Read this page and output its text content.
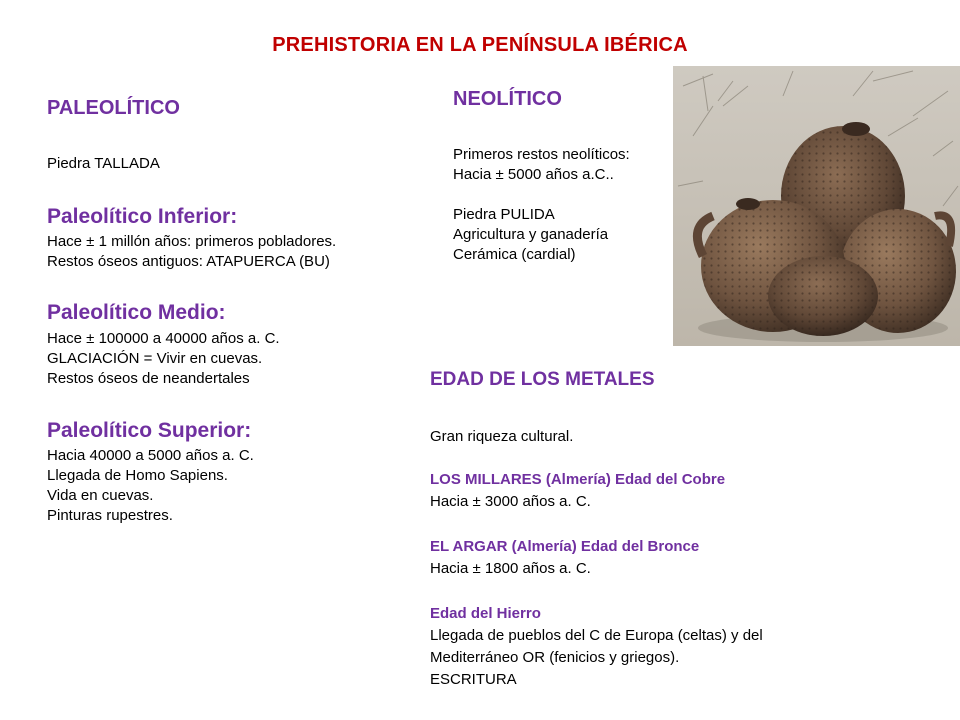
PREHISTORIA EN LA PENÍNSULA IBÉRICA
PALEOLÍTICO
Piedra TALLADA
Paleolítico Inferior:
Hace ± 1 millón años: primeros pobladores.
Restos óseos antiguos: ATAPUERCA (BU)
Paleolítico Medio:
Hace ± 100000 a 40000 años a. C.
GLACIACIÓN = Vivir en cuevas.
Restos óseos de neandertales
Paleolítico Superior:
Hacia 40000 a 5000 años a. C.
Llegada de Homo Sapiens.
Vida en cuevas.
Pinturas rupestres.
NEOLÍTICO
Primeros restos neolíticos:
Hacia ± 5000 años a.C..
Piedra PULIDA
Agricultura y ganadería
Cerámica (cardial)
EDAD DE LOS METALES
Gran riqueza cultural.
LOS MILLARES (Almería) Edad del Cobre
Hacia ± 3000 años a. C.
EL ARGAR (Almería) Edad del Bronce
Hacia ± 1800 años a. C.
Edad del Hierro
Llegada de pueblos del C de Europa (celtas) y del
Mediterráneo OR (fenicios y griegos).
ESCRITURA
